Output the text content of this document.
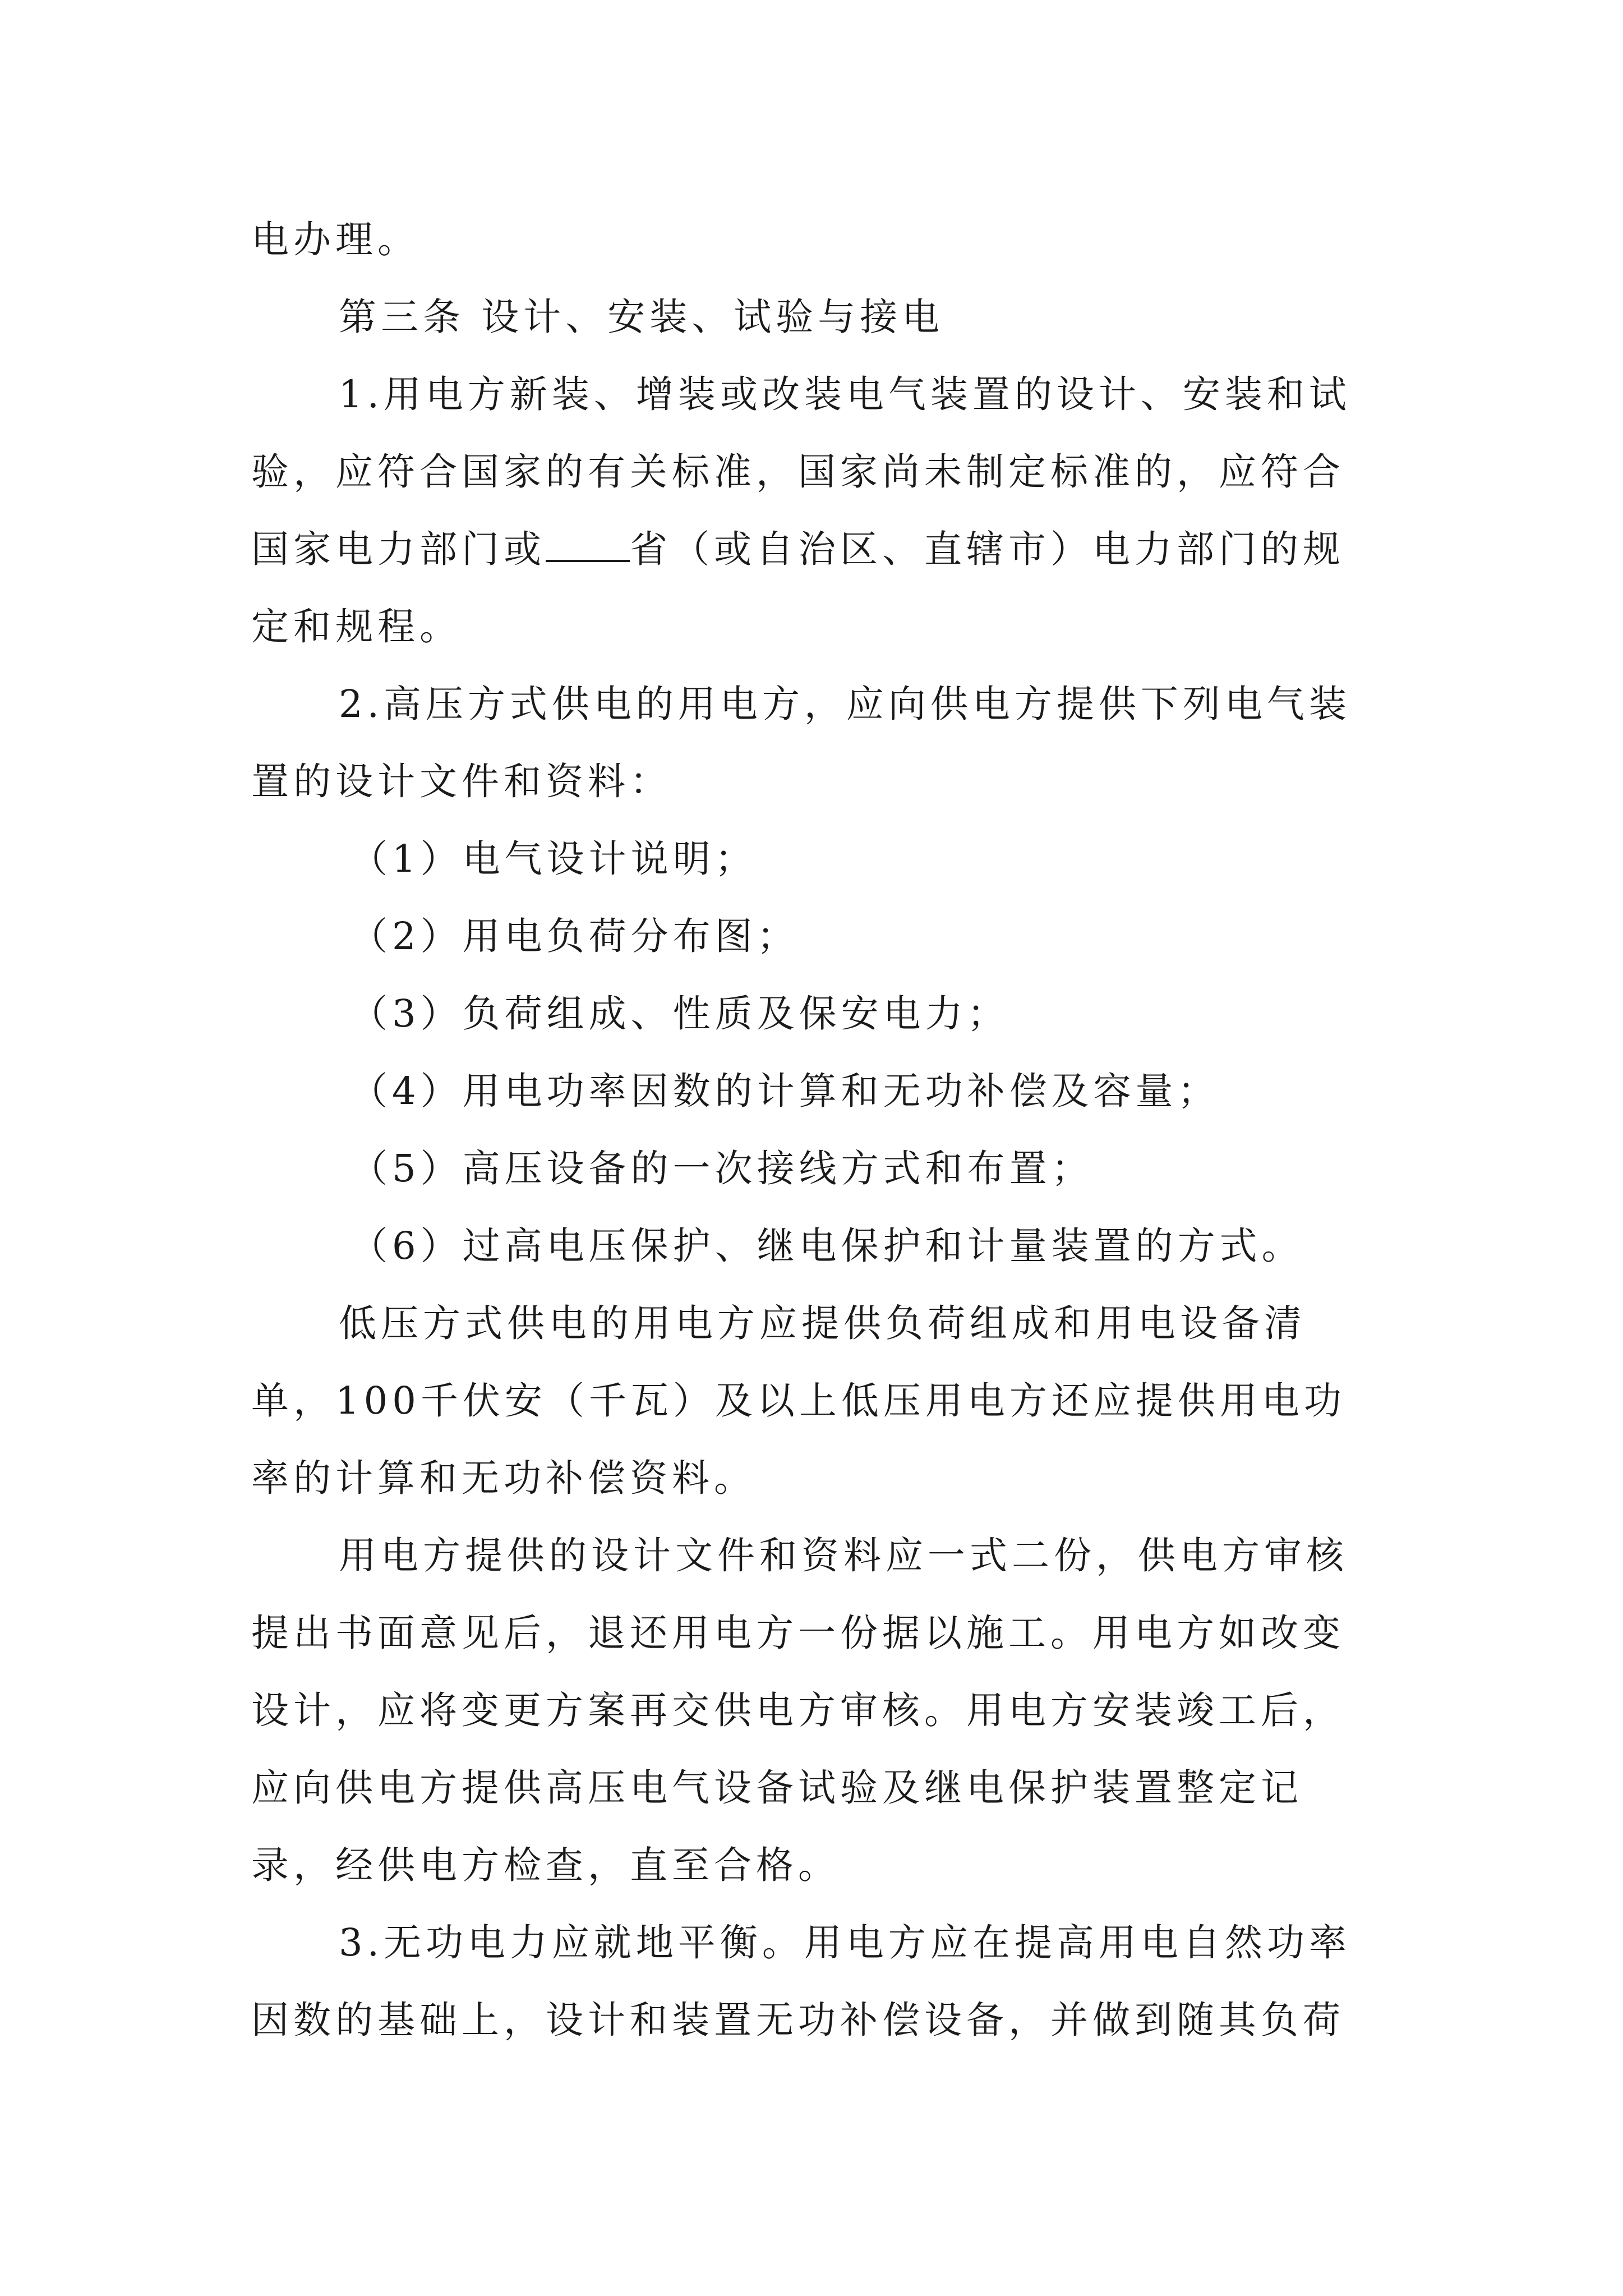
电办理。
第三条 设计、安装、试验与接电
1.用电方新装、增装或改装电气装置的设计、安装和试
验，应符合国家的有关标准，国家尚未制定标准的，应符合
国家电力部门或 省（或自治区、直辖市）电力部门的规
定和规程。
2.高压方式供电的用电方，应向供电方提供下列电气装
置的设计文件和资料：
（1）电气设计说明；
（2）用电负荷分布图；
（3）负荷组成、性质及保安电力；
（4）用电功率因数的计算和无功补偿及容量；
（5）高压设备的一次接线方式和布置；
（6）过高电压保护、继电保护和计量装置的方式。
低压方式供电的用电方应提供负荷组成和用电设备清
单，100千伏安（千瓦）及以上低压用电方还应提供用电功
率的计算和无功补偿资料。
用电方提供的设计文件和资料应一式二份，供电方审核
提出书面意见后，退还用电方一份据以施工。用电方如改变
设计，应将变更方案再交供电方审核。用电方安装竣工后，
应向供电方提供高压电气设备试验及继电保护装置整定记
录，经供电方检查，直至合格。
3.无功电力应就地平衡。用电方应在提高用电自然功率
因数的基础上，设计和装置无功补偿设备，并做到随其负荷
